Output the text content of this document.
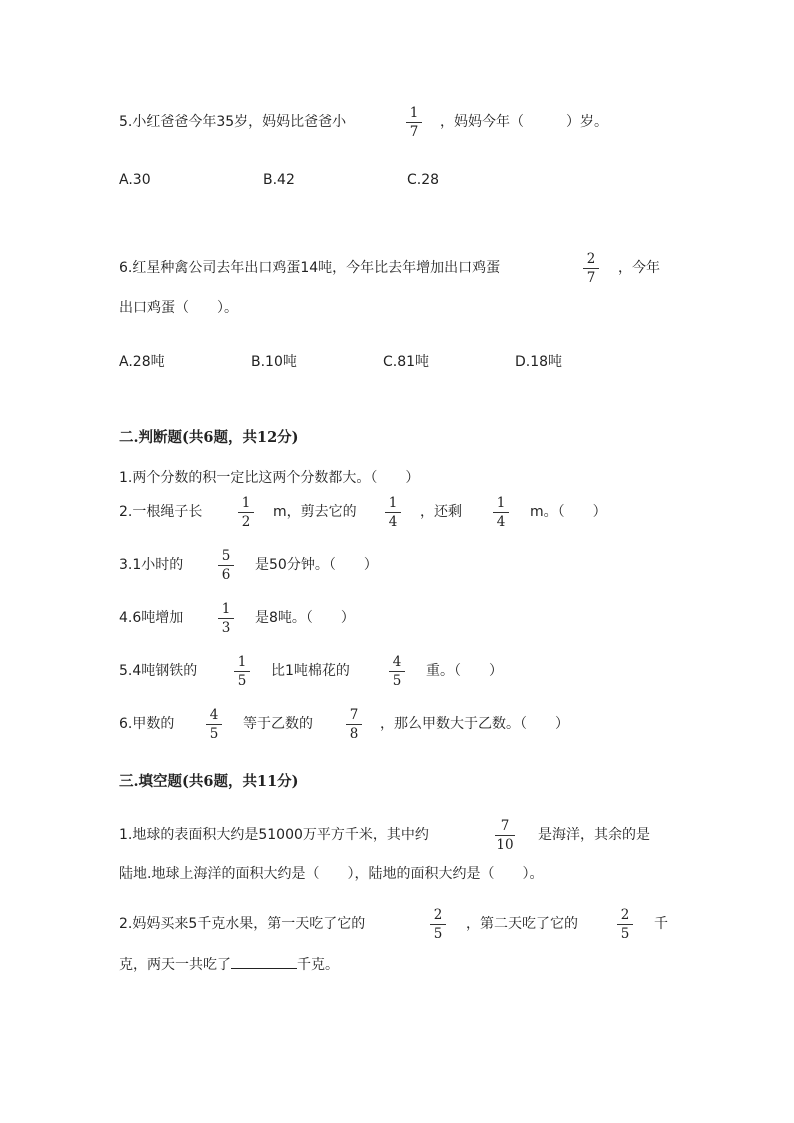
5.小红爸爸今年35岁，妈妈比爸爸小
1
7
，妈妈今年（　　　）岁。
A.30	B.42	C.28
6.红星种禽公司去年出口鸡蛋14吨，今年比去年增加出口鸡蛋
2
7
，今年
出口鸡蛋（　　）。
A.28吨	B.10吨	C.81吨	D.18吨
二.判断题(共6题，共12分)
1.两个分数的积一定比这两个分数都大。（　　）
2.一根绳子长
1
2
m，剪去它的
1
4
，还剩
1
4
m。（　　）
3.1小时的
5
6
是50分钟。（　　）
4.6吨增加
1
3
是8吨。（　　）
5.4吨钢铁的
1
5
比1吨棉花的
4
5
重。（　　）
6.甲数的
4
5
等于乙数的
7
8
，那么甲数大于乙数。（　　）
三.填空题(共6题，共11分)
1.地球的表面积大约是51000万平方千米，其中约
7
10
是海洋，其余的是
陆地.地球上海洋的面积大约是（　　），陆地的面积大约是（　　）。
2.妈妈买来5千克水果，第一天吃了它的
2
5
，第二天吃了它的
2
5
千
克，两天一共吃了	千克。
